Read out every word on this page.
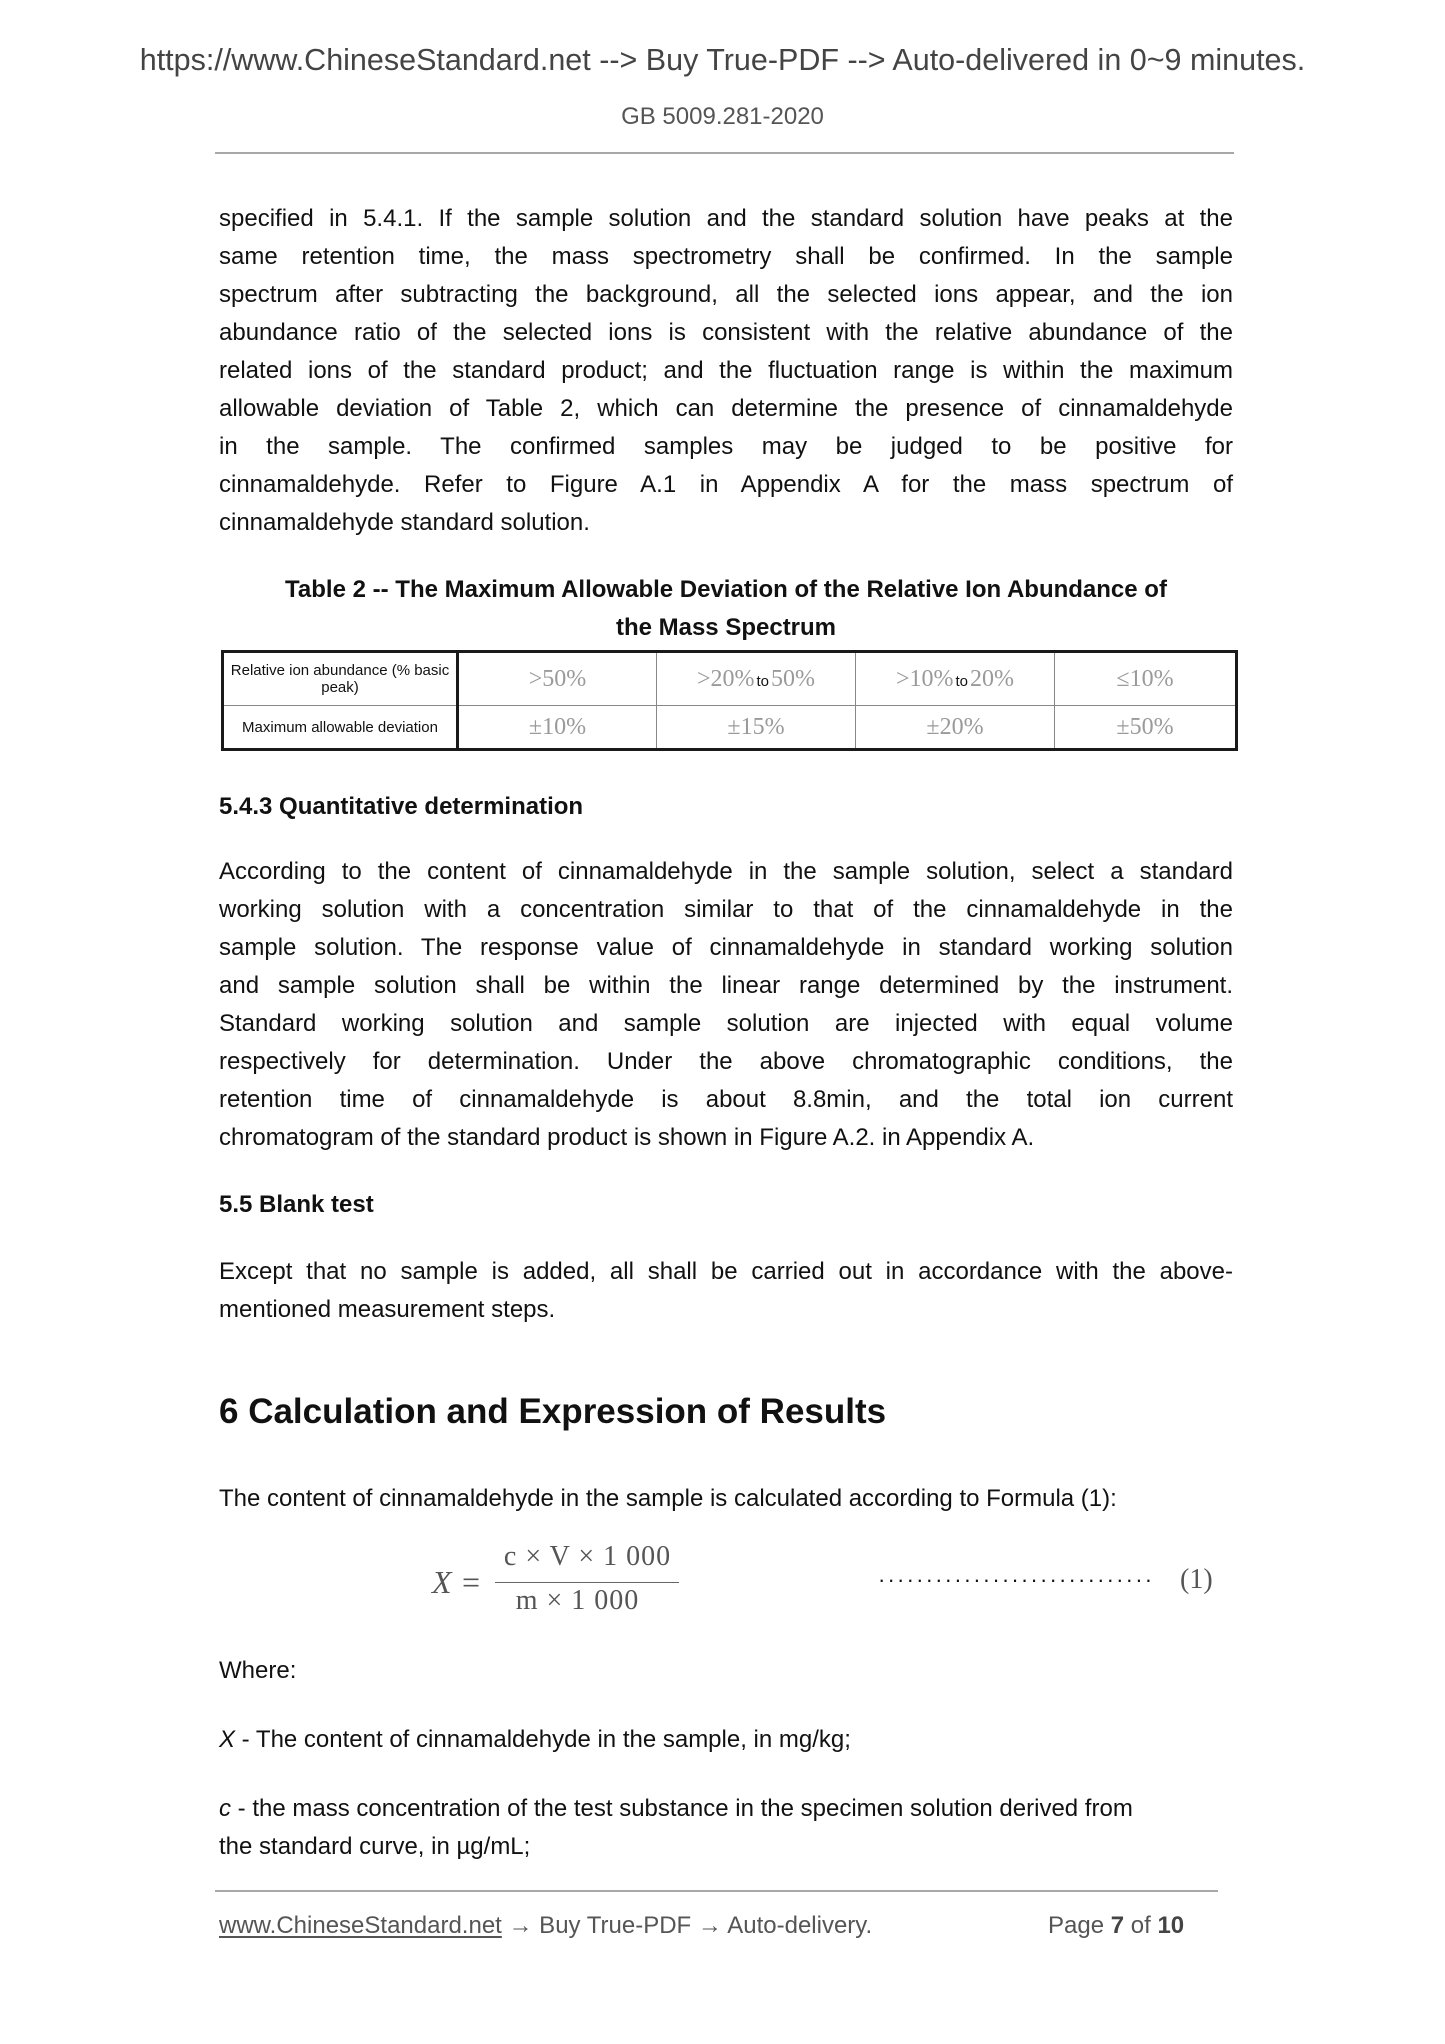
https://www.ChineseStandard.net --> Buy True-PDF --> Auto-delivered in 0~9 minutes.
GB 5009.281-2020
specified in 5.4.1. If the sample solution and the standard solution have peaks at the
same retention time, the mass spectrometry shall be confirmed. In the sample
spectrum after subtracting the background, all the selected ions appear, and the ion
abundance ratio of the selected ions is consistent with the relative abundance of the
related ions of the standard product; and the fluctuation range is within the maximum
allowable deviation of Table 2, which can determine the presence of cinnamaldehyde
in the sample. The confirmed samples may be judged to be positive for
cinnamaldehyde. Refer to Figure A.1 in Appendix A for the mass spectrum of
cinnamaldehyde standard solution.
Table 2 -- The Maximum Allowable Deviation of the Relative Ion Abundance of
the Mass Spectrum
Relative ion abundance (% basic peak)	>50%	>20% to50%	>10% to20%	≤10%
Maximum allowable deviation	±10%	±15%	±20%	±50%
5.4.3 Quantitative determination
According to the content of cinnamaldehyde in the sample solution, select a standard
working solution with a concentration similar to that of the cinnamaldehyde in the
sample solution. The response value of cinnamaldehyde in standard working solution
and sample solution shall be within the linear range determined by the instrument.
Standard working solution and sample solution are injected with equal volume
respectively for determination. Under the above chromatographic conditions, the
retention time of cinnamaldehyde is about 8.8min, and the total ion current
chromatogram of the standard product is shown in Figure A.2. in Appendix A.
5.5 Blank test
Except that no sample is added, all shall be carried out in accordance with the above-
mentioned measurement steps.
6 Calculation and Expression of Results
The content of cinnamaldehyde in the sample is calculated according to Formula (1):
X =
c × V × 1 000
m × 1 000
····························· (1)
Where:
X - The content of cinnamaldehyde in the sample, in mg/kg;
c - the mass concentration of the test substance in the specimen solution derived from
the standard curve, in µg/mL;
www.ChineseStandard.net → Buy True-PDF → Auto-delivery.	Page 7 of 10
